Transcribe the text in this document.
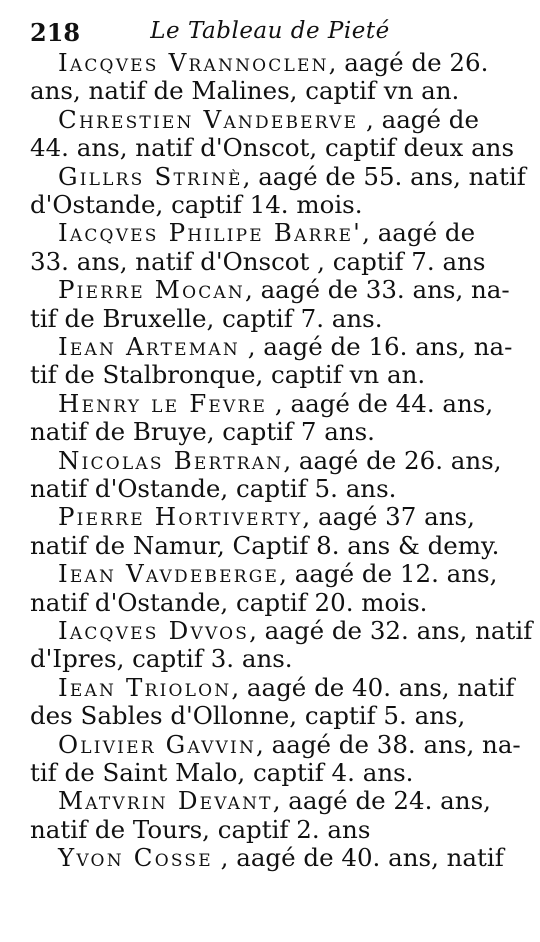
218	Le Tableau de Pieté
Iacqves Vrannoclen, aagé de 26.
ans, natif de Malines, captif vn an.
Chrestien Vandeberve , aagé de
44. ans, natif d'Onscot, captif deux ans
Gillrs Strinè, aagé de 55. ans, natif
d'Ostande, captif 14. mois.
Iacqves Philipe Barre', aagé de
33. ans, natif d'Onscot , captif 7. ans
Pierre Mocan, aagé de 33. ans, na-
tif de Bruxelle, captif 7. ans.
Iean Arteman , aagé de 16. ans, na-
tif de Stalbronque, captif vn an.
Henry le Fevre , aagé de 44. ans,
natif de Bruye, captif 7 ans.
Nicolas Bertran, aagé de 26. ans,
natif d'Ostande, captif 5. ans.
Pierre Hortiverty, aagé 37 ans,
natif de Namur, Captif 8. ans & demy.
Iean Vavdeberge, aagé de 12. ans,
natif d'Ostande, captif 20. mois.
Iacqves Dvvos, aagé de 32. ans, natif
d'Ipres, captif 3. ans.
Iean Triolon, aagé de 40. ans, natif
des Sables d'Ollonne, captif 5. ans,
Olivier Gavvin, aagé de 38. ans, na-
tif de Saint Malo, captif 4. ans.
Matvrin Devant, aagé de 24. ans,
natif de Tours, captif 2. ans
Yvon Cosse , aagé de 40. ans, natif
